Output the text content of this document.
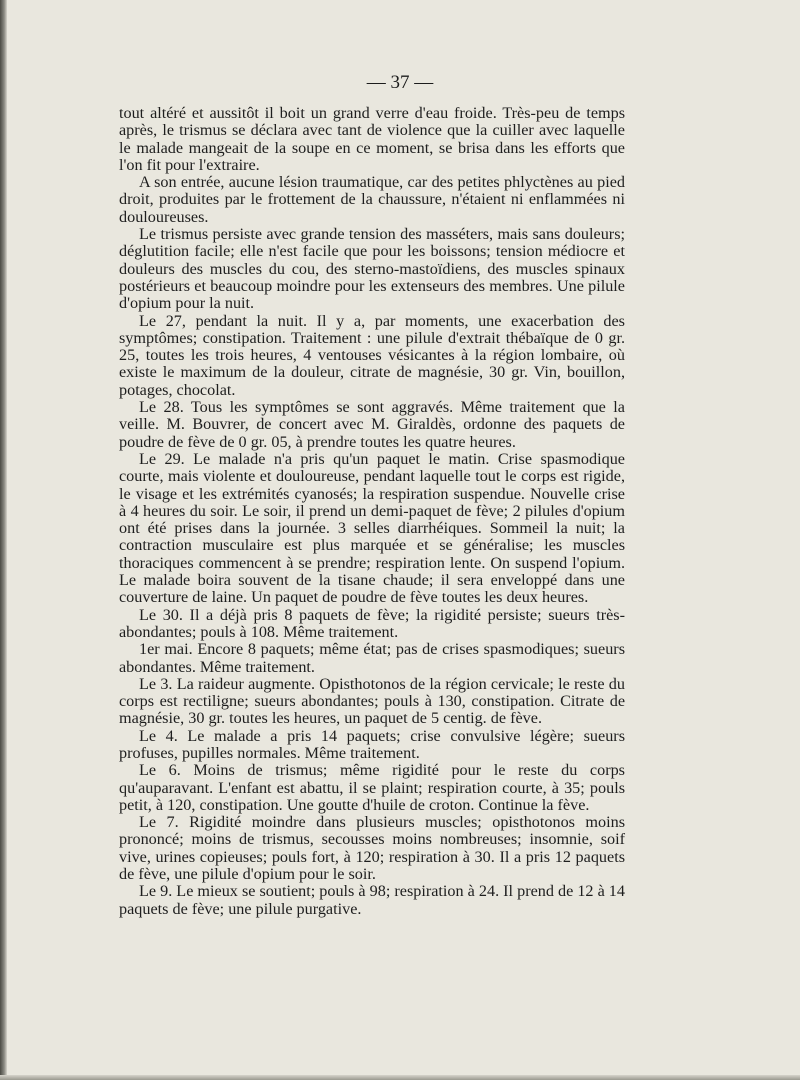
— 37 —

tout altéré et aussitôt il boit un grand verre d'eau froide. Très-peu de temps après, le trismus se déclara avec tant de violence que la cuiller avec laquelle le malade mangeait de la soupe en ce moment, se brisa dans les efforts que l'on fit pour l'extraire.

A son entrée, aucune lésion traumatique, car des petites phlyctènes au pied droit, produites par le frottement de la chaussure, n'étaient ni enflammées ni douloureuses.

Le trismus persiste avec grande tension des masséters, mais sans douleurs; déglutition facile; elle n'est facile que pour les boissons; tension médiocre et douleurs des muscles du cou, des sterno-mastoïdiens, des muscles spinaux postérieurs et beaucoup moindre pour les extenseurs des membres. Une pilule d'opium pour la nuit.

Le 27, pendant la nuit. Il y a, par moments, une exacerbation des symptômes; constipation. Traitement : une pilule d'extrait thébaïque de 0 gr. 25, toutes les trois heures, 4 ventouses vésicantes à la région lombaire, où existe le maximum de la douleur, citrate de magnésie, 30 gr. Vin, bouillon, potages, chocolat.

Le 28. Tous les symptômes se sont aggravés. Même traitement que la veille. M. Bouvrer, de concert avec M. Giraldès, ordonne des paquets de poudre de fève de 0 gr. 05, à prendre toutes les quatre heures.

Le 29. Le malade n'a pris qu'un paquet le matin. Crise spasmodique courte, mais violente et douloureuse, pendant laquelle tout le corps est rigide, le visage et les extrémités cyanosés; la respiration suspendue. Nouvelle crise à 4 heures du soir. Le soir, il prend un demi-paquet de fève; 2 pilules d'opium ont été prises dans la journée. 3 selles diarrhéiques. Sommeil la nuit; la contraction musculaire est plus marquée et se généralise; les muscles thoraciques commencent à se prendre; respiration lente. On suspend l'opium. Le malade boira souvent de la tisane chaude; il sera enveloppé dans une couverture de laine. Un paquet de poudre de fève toutes les deux heures.

Le 30. Il a déjà pris 8 paquets de fève; la rigidité persiste; sueurs très-abondantes; pouls à 108. Même traitement.

1er mai. Encore 8 paquets; même état; pas de crises spasmodiques; sueurs abondantes. Même traitement.

Le 3. La raideur augmente. Opisthotonos de la région cervicale; le reste du corps est rectiligne; sueurs abondantes; pouls à 130, constipation. Citrate de magnésie, 30 gr. toutes les heures, un paquet de 5 centig. de fève.

Le 4. Le malade a pris 14 paquets; crise convulsive légère; sueurs profuses, pupilles normales. Même traitement.

Le 6. Moins de trismus; même rigidité pour le reste du corps qu'auparavant. L'enfant est abattu, il se plaint; respiration courte, à 35; pouls petit, à 120, constipation. Une goutte d'huile de croton. Continue la fève.

Le 7. Rigidité moindre dans plusieurs muscles; opisthotonos moins prononcé; moins de trismus, secousses moins nombreuses; insomnie, soif vive, urines copieuses; pouls fort, à 120; respiration à 30. Il a pris 12 paquets de fève, une pilule d'opium pour le soir.

Le 9. Le mieux se soutient; pouls à 98; respiration à 24. Il prend de 12 à 14 paquets de fève; une pilule purgative.
